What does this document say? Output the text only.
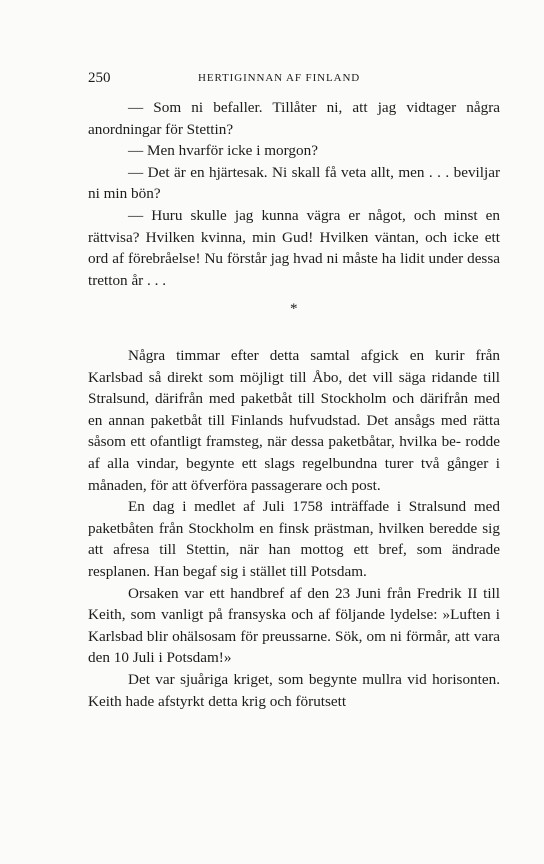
250	HERTIGINNAN AF FINLAND

— Som ni befaller. Tillåter ni, att jag vidtager några anordningar för Stettin?

— Men hvarför icke i morgon?

— Det är en hjärtesak. Ni skall få veta allt, men . . . beviljar ni min bön?

— Huru skulle jag kunna vägra er något, och minst en rättvisa? Hvilken kvinna, min Gud! Hvilken väntan, och icke ett ord af förebråelse! Nu förstår jag hvad ni måste ha lidit under dessa tretton år . . .

*

Några timmar efter detta samtal afgick en kurir från Karlsbad så direkt som möjligt till Åbo, det vill säga ridande till Stralsund, därifrån med paketbåt till Stockholm och därifrån med en annan paketbåt till Finlands hufvudstad. Det ansågs med rätta såsom ett ofantligt framsteg, när dessa paketbåtar, hvilka be- rodde af alla vindar, begynte ett slags regelbundna turer två gånger i månaden, för att öfverföra passagerare och post.

En dag i medlet af Juli 1758 inträffade i Stralsund med paketbåten från Stockholm en finsk prästman, hvilken beredde sig att afresa till Stettin, när han mottog ett bref, som ändrade resplanen. Han begaf sig i stället till Potsdam.

Orsaken var ett handbref af den 23 Juni från Fredrik II till Keith, som vanligt på fransyska och af följande lydelse: »Luften i Karlsbad blir ohälsosam för preussarne. Sök, om ni förmår, att vara den 10 Juli i Potsdam!»

Det var sjuåriga kriget, som begynte mullra vid horisonten. Keith hade afstyrkt detta krig och förutsett
